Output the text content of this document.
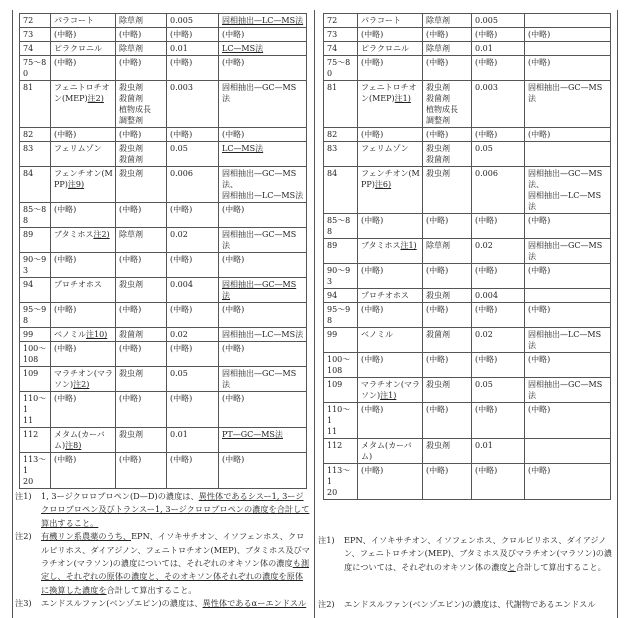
72	パラコート	除草剤	0.005	固相抽出—LC—MS法
73	(中略)	(中略)	(中略)	(中略)
74	ピラクロニル	除草剤	0.01	LC—MS法
75〜80	(中略)	(中略)	(中略)	(中略)
81	フェニトロチオン(MEP)注2)	殺虫剤
殺菌剤
植物成長
調整剤	0.003	固相抽出—GC—MS法
82	(中略)	(中略)	(中略)	(中略)
83	フェリムゾン	殺虫剤
殺菌剤	0.05	LC—MS法
84	フェンチオン(MPP)注9)	殺虫剤	0.006	固相抽出—GC—MS法、
固相抽出—LC—MS法
85〜88	(中略)	(中略)	(中略)	(中略)
89	ブタミホス注2)	除草剤	0.02	固相抽出—GC—MS法
90〜93	(中略)	(中略)	(中略)	(中略)
94	プロチオホス	殺虫剤	0.004	固相抽出—GC—MS法
95〜98	(中略)	(中略)	(中略)	(中略)
99	ベノミル注10)	殺菌剤	0.02	固相抽出—LC—MS法
100〜
108	(中略)	(中略)	(中略)	(中略)
109	マラチオン(マラソン)注2)	殺虫剤	0.05	固相抽出—GC—MS法
110〜1
11	(中略)	(中略)	(中略)	(中略)
112	メタム(カーバム)注8)	殺虫剤	0.01	PT—GC—MS法
113〜1
20	(中略)	(中略)	(中略)	(中略)
注1)	1, 3ージクロロプロペン(D—D)の濃度は、異性体であるシスー1, 3ージクロロプロペン及びトランスー1, 3ージクロロプロペンの濃度を合計して算出すること。
注2)	有機リン系農薬のうち、EPN、イソキサチオン、イソフェンホス、クロルピリホス、ダイアジノン、フェニトロチオン(MEP)、ブタミホス及びマラチオン(マラソン)の濃度については、それぞれのオキソン体の濃度も測定し、それぞれの原体の濃度と、そのオキソン体それぞれの濃度を原体に換算した濃度を合計して算出すること。
注3)	エンドスルファン(ベンゾエピン)の濃度は、異性体であるαーエンドスル
72	パラコート	除草剤	0.005	
73	(中略)	(中略)	(中略)	(中略)
74	ピラクロニル	除草剤	0.01	
75〜80	(中略)	(中略)	(中略)	(中略)
81	フェニトロチオン(MEP)注1)	殺虫剤
殺菌剤
植物成長
調整剤	0.003	固相抽出—GC—MS法
82	(中略)	(中略)	(中略)	(中略)
83	フェリムゾン	殺虫剤
殺菌剤	0.05	
84	フェンチオン(MPP)注6)	殺虫剤	0.006	固相抽出—GC—MS法、
固相抽出—LC—MS法
85〜88	(中略)	(中略)	(中略)	(中略)
89	ブタミホス注1)	除草剤	0.02	固相抽出—GC—MS法
90〜93	(中略)	(中略)	(中略)	(中略)
94	プロチオホス	殺虫剤	0.004	
95〜98	(中略)	(中略)	(中略)	(中略)
99	ベノミル	殺菌剤	0.02	固相抽出—LC—MS法
100〜
108	(中略)	(中略)	(中略)	(中略)
109	マラチオン(マラソン)注1)	殺虫剤	0.05	固相抽出—GC—MS法
110〜1
11	(中略)	(中略)	(中略)	(中略)
112	メタム(カーバム)	殺虫剤	0.01	
113〜1
20	(中略)	(中略)	(中略)	(中略)
注1)	EPN、イソキサチオン、イソフェンホス、クロルピリホス、ダイアジノン、フェニトロチオン(MEP)、ブタミホス及びマラチオン(マラソン)の濃度については、それぞれのオキソン体の濃度と合計して算出すること。
注2)	エンドスルファン(ベンゾエピン)の濃度は、代謝物であるエンドスル
